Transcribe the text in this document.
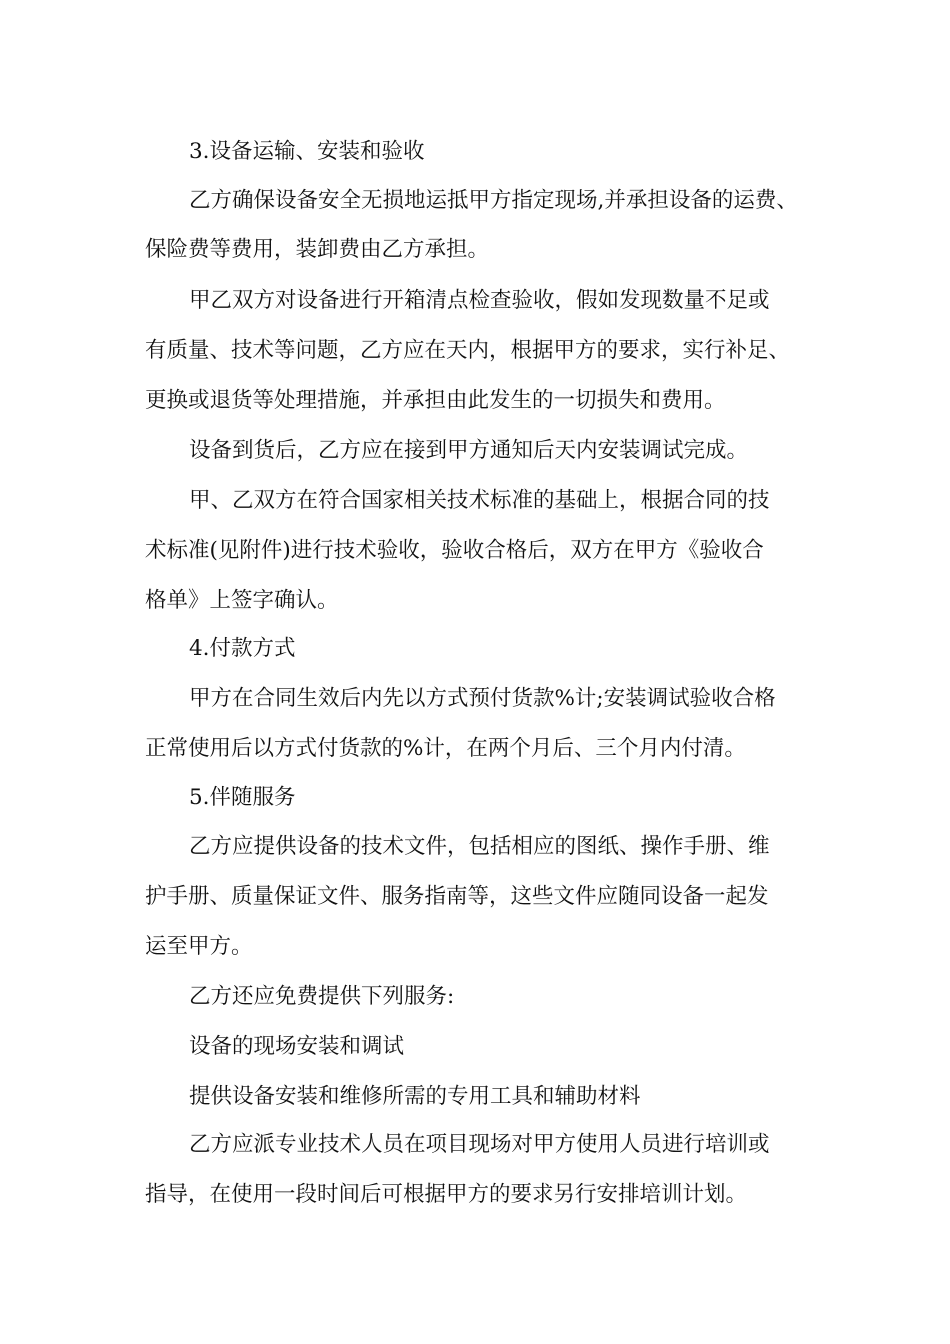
3.设备运输、安装和验收
乙方确保设备安全无损地运抵甲方指定现场,并承担设备的运费、
保险费等费用，装卸费由乙方承担。
甲乙双方对设备进行开箱清点检查验收，假如发现数量不足或
有质量、技术等问题，乙方应在天内，根据甲方的要求，实行补足、
更换或退货等处理措施，并承担由此发生的一切损失和费用。
设备到货后，乙方应在接到甲方通知后天内安装调试完成。
甲、乙双方在符合国家相关技术标准的基础上，根据合同的技
术标准(见附件)进行技术验收，验收合格后，双方在甲方《验收合
格单》上签字确认。
4.付款方式
甲方在合同生效后内先以方式预付货款%计;安装调试验收合格
正常使用后以方式付货款的%计，在两个月后、三个月内付清。
5.伴随服务
乙方应提供设备的技术文件，包括相应的图纸、操作手册、维
护手册、质量保证文件、服务指南等，这些文件应随同设备一起发
运至甲方。
乙方还应免费提供下列服务:
设备的现场安装和调试
提供设备安装和维修所需的专用工具和辅助材料
乙方应派专业技术人员在项目现场对甲方使用人员进行培训或
指导，在使用一段时间后可根据甲方的要求另行安排培训计划。
